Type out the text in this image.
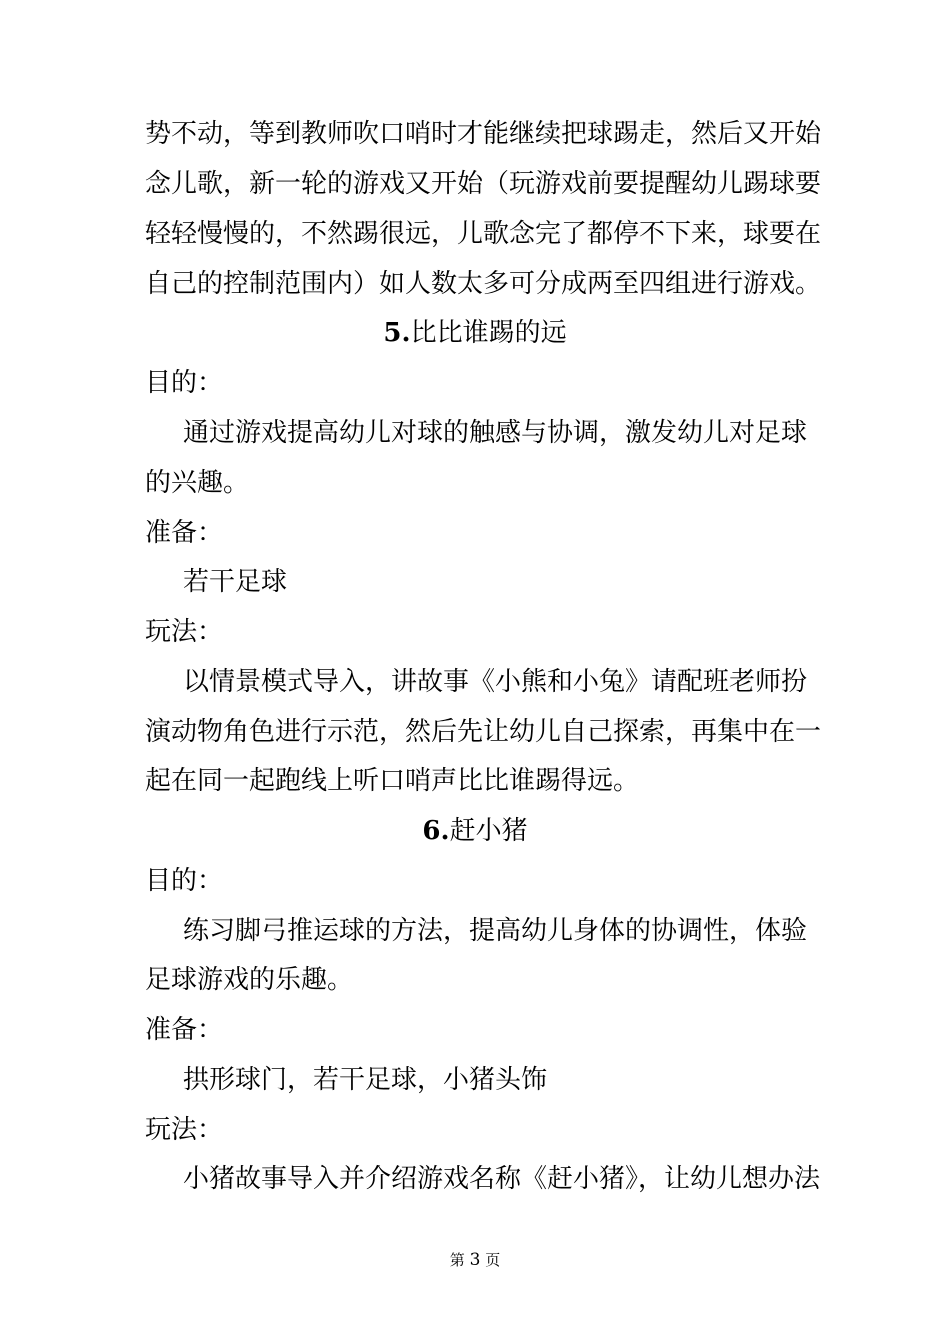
势不动，等到教师吹口哨时才能继续把球踢走，然后又开始
念儿歌，新一轮的游戏又开始（玩游戏前要提醒幼儿踢球要
轻轻慢慢的，不然踢很远，儿歌念完了都停不下来，球要在
自己的控制范围内）如人数太多可分成两至四组进行游戏。
5.比比谁踢的远
目的：
通过游戏提高幼儿对球的触感与协调，激发幼儿对足球
的兴趣。
准备：
若干足球
玩法：
以情景模式导入，讲故事《小熊和小兔》请配班老师扮
演动物角色进行示范，然后先让幼儿自己探索，再集中在一
起在同一起跑线上听口哨声比比谁踢得远。
6.赶小猪
目的：
练习脚弓推运球的方法，提高幼儿身体的协调性，体验
足球游戏的乐趣。
准备：
拱形球门，若干足球，小猪头饰
玩法：
小猪故事导入并介绍游戏名称《赶小猪》，让幼儿想办法
第 3 页
